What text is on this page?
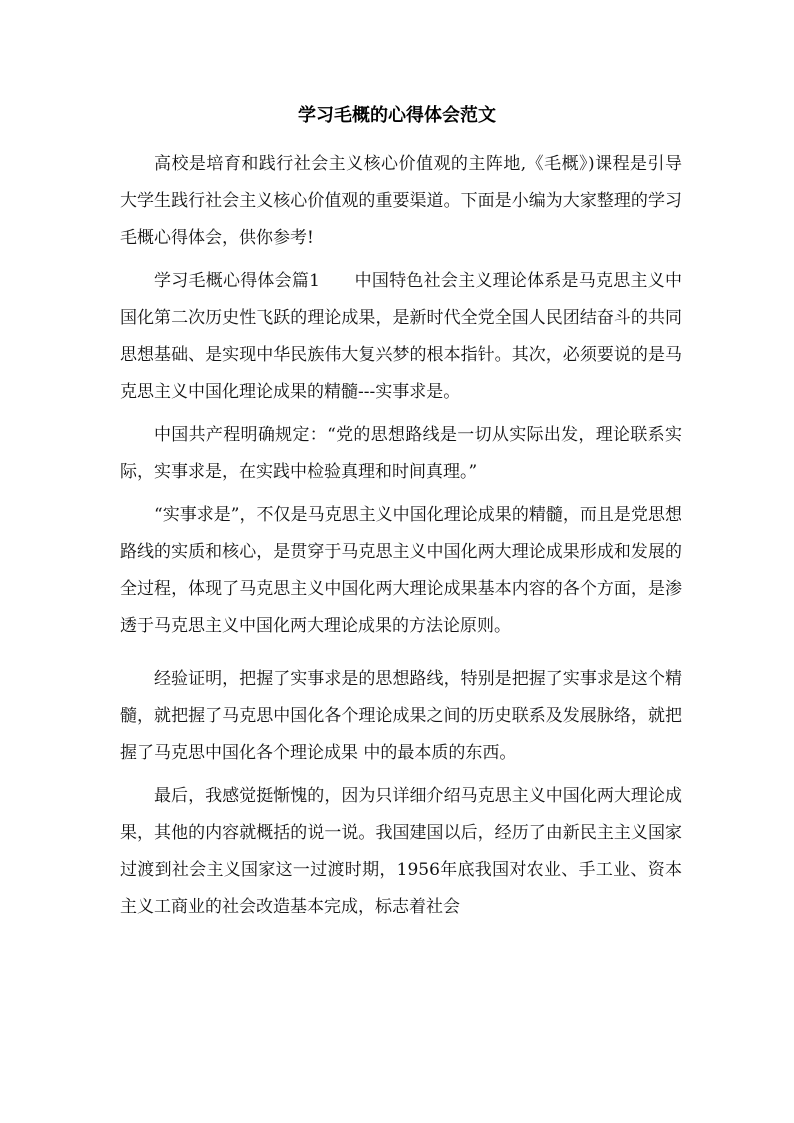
学习毛概的心得体会范文

高校是培育和践行社会主义核心价值观的主阵地,《毛概》)课程是引导大学生践行社会主义核心价值观的重要渠道。下面是小编为大家整理的学习毛概心得体会，供你参考!

学习毛概心得体会篇1　　中国特色社会主义理论体系是马克思主义中国化第二次历史性飞跃的理论成果，是新时代全党全国人民团结奋斗的共同思想基础、是实现中华民族伟大复兴梦的根本指针。其次，必须要说的是马克思主义中国化理论成果的精髓---实事求是。

中国共产程明确规定：“党的思想路线是一切从实际出发，理论联系实际，实事求是，在实践中检验真理和时间真理。”

“实事求是”，不仅是马克思主义中国化理论成果的精髓，而且是党思想路线的实质和核心，是贯穿于马克思主义中国化两大理论成果形成和发展的全过程，体现了马克思主义中国化两大理论成果基本内容的各个方面，是渗透于马克思主义中国化两大理论成果的方法论原则。

经验证明，把握了实事求是的思想路线，特别是把握了实事求是这个精髓，就把握了马克思中国化各个理论成果之间的历史联系及发展脉络，就把握了马克思中国化各个理论成果 中的最本质的东西。

最后，我感觉挺惭愧的，因为只详细介绍马克思主义中国化两大理论成果，其他的内容就概括的说一说。我国建国以后，经历了由新民主主义国家过渡到社会主义国家这一过渡时期，1956年底我国对农业、手工业、资本主义工商业的社会改造基本完成，标志着社会
